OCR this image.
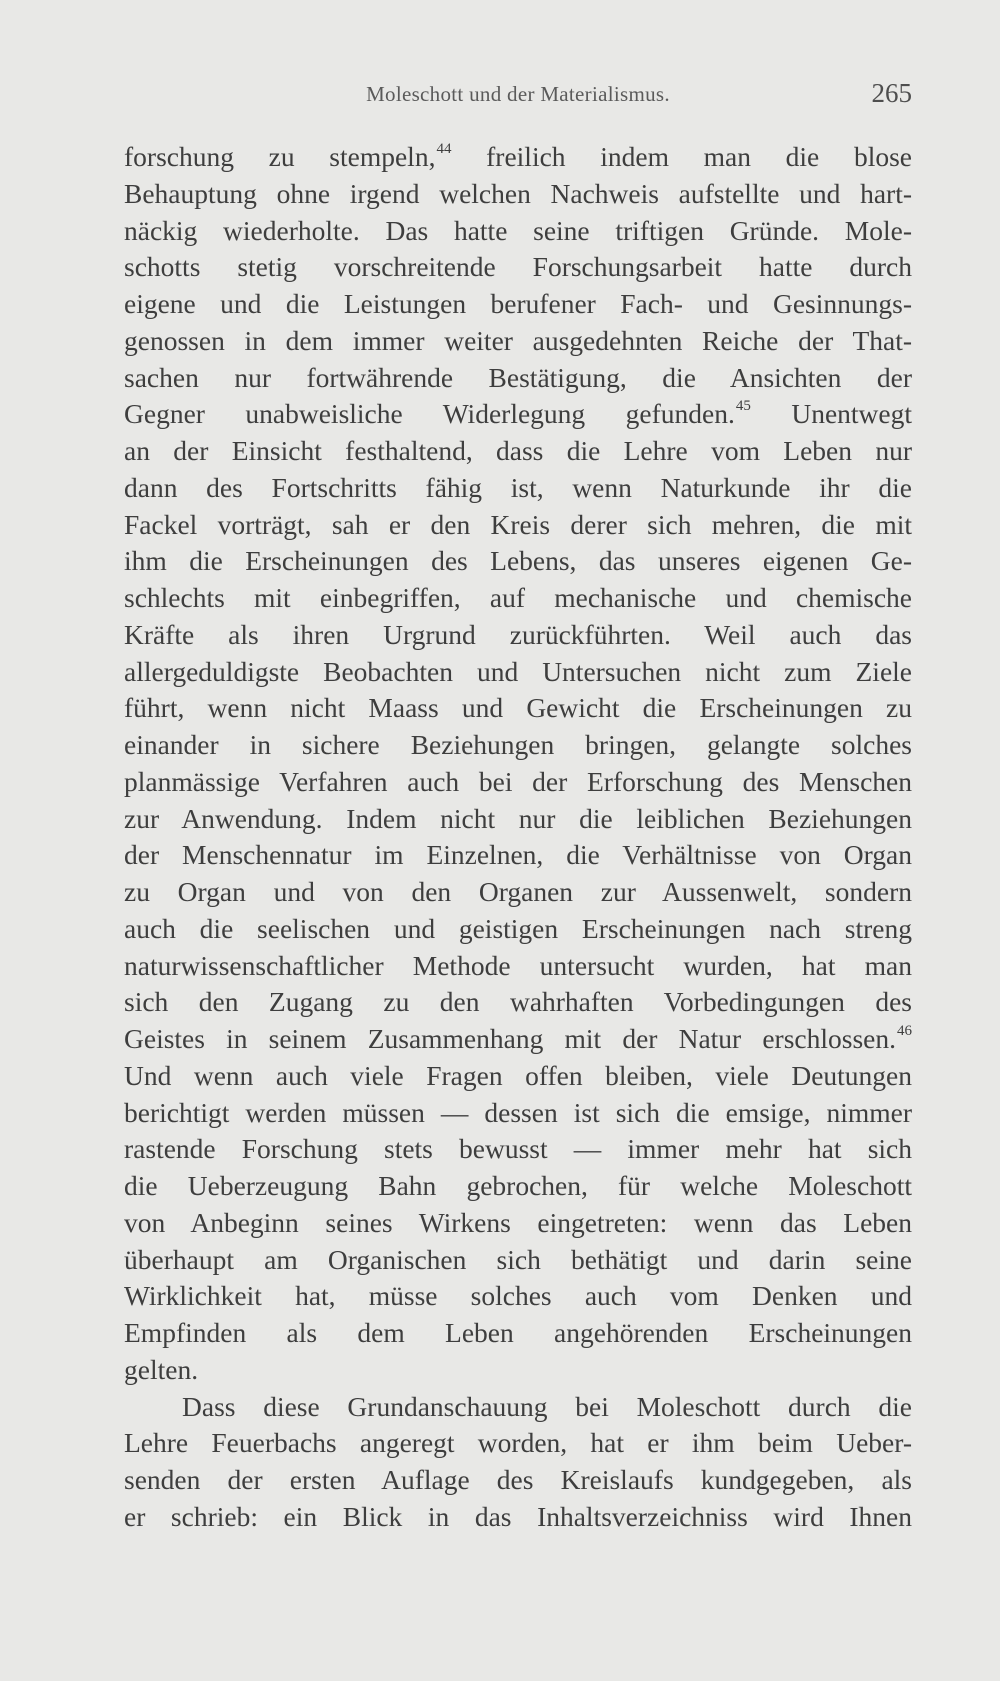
Moleschott und der Materialismus.	265
forschung zu stempeln,$^{44}$ freilich indem man die blose
Behauptung ohne irgend welchen Nachweis aufstellte und hart-
näckig wiederholte. Das hatte seine triftigen Gründe. Mole-
schotts stetig vorschreitende Forschungsarbeit hatte durch
eigene und die Leistungen berufener Fach- und Gesinnungs-
genossen in dem immer weiter ausgedehnten Reiche der That-
sachen nur fortwährende Bestätigung, die Ansichten der
Gegner unabweisliche Widerlegung gefunden.$^{45}$ Unentwegt
an der Einsicht festhaltend, dass die Lehre vom Leben nur
dann des Fortschritts fähig ist, wenn Naturkunde ihr die
Fackel vorträgt, sah er den Kreis derer sich mehren, die mit
ihm die Erscheinungen des Lebens, das unseres eigenen Ge-
schlechts mit einbegriffen, auf mechanische und chemische
Kräfte als ihren Urgrund zurückführten. Weil auch das
allergeduldigste Beobachten und Untersuchen nicht zum Ziele
führt, wenn nicht Maass und Gewicht die Erscheinungen zu
einander in sichere Beziehungen bringen, gelangte solches
planmässige Verfahren auch bei der Erforschung des Menschen
zur Anwendung. Indem nicht nur die leiblichen Beziehungen
der Menschennatur im Einzelnen, die Verhältnisse von Organ
zu Organ und von den Organen zur Aussenwelt, sondern
auch die seelischen und geistigen Erscheinungen nach streng
naturwissenschaftlicher Methode untersucht wurden, hat man
sich den Zugang zu den wahrhaften Vorbedingungen des
Geistes in seinem Zusammenhang mit der Natur erschlossen.$^{46}$
Und wenn auch viele Fragen offen bleiben, viele Deutungen
berichtigt werden müssen — dessen ist sich die emsige, nimmer
rastende Forschung stets bewusst — immer mehr hat sich
die Ueberzeugung Bahn gebrochen, für welche Moleschott
von Anbeginn seines Wirkens eingetreten: wenn das Leben
überhaupt am Organischen sich bethätigt und darin seine
Wirklichkeit hat, müsse solches auch vom Denken und
Empfinden als dem Leben angehörenden Erscheinungen
gelten.
Dass diese Grundanschauung bei Moleschott durch die
Lehre Feuerbachs angeregt worden, hat er ihm beim Ueber-
senden der ersten Auflage des Kreislaufs kundgegeben, als
er schrieb: ein Blick in das Inhaltsverzeichniss wird Ihnen
